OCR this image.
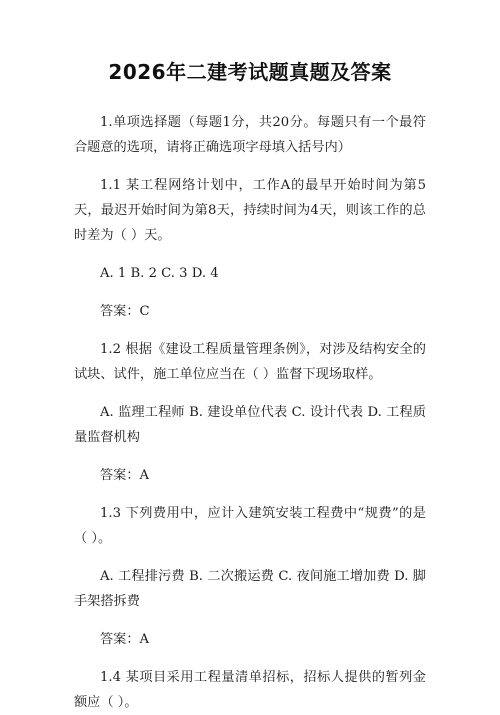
2026年二建考试题真题及答案

1.单项选择题（每题1分，共20分。每题只有一个最符合题意的选项，请将正确选项字母填入括号内）

1.1 某工程网络计划中，工作A的最早开始时间为第5天，最迟开始时间为第8天，持续时间为4天，则该工作的总时差为（ ）天。

A. 1 B. 2 C. 3 D. 4

答案：C

1.2 根据《建设工程质量管理条例》，对涉及结构安全的试块、试件，施工单位应当在（ ）监督下现场取样。

A. 监理工程师 B. 建设单位代表 C. 设计代表 D. 工程质量监督机构

答案：A

1.3 下列费用中，应计入建筑安装工程费中“规费”的是（ ）。

A. 工程排污费 B. 二次搬运费 C. 夜间施工增加费 D. 脚手架搭拆费

答案：A

1.4 某项目采用工程量清单招标，招标人提供的暂列金额应（ ）。
